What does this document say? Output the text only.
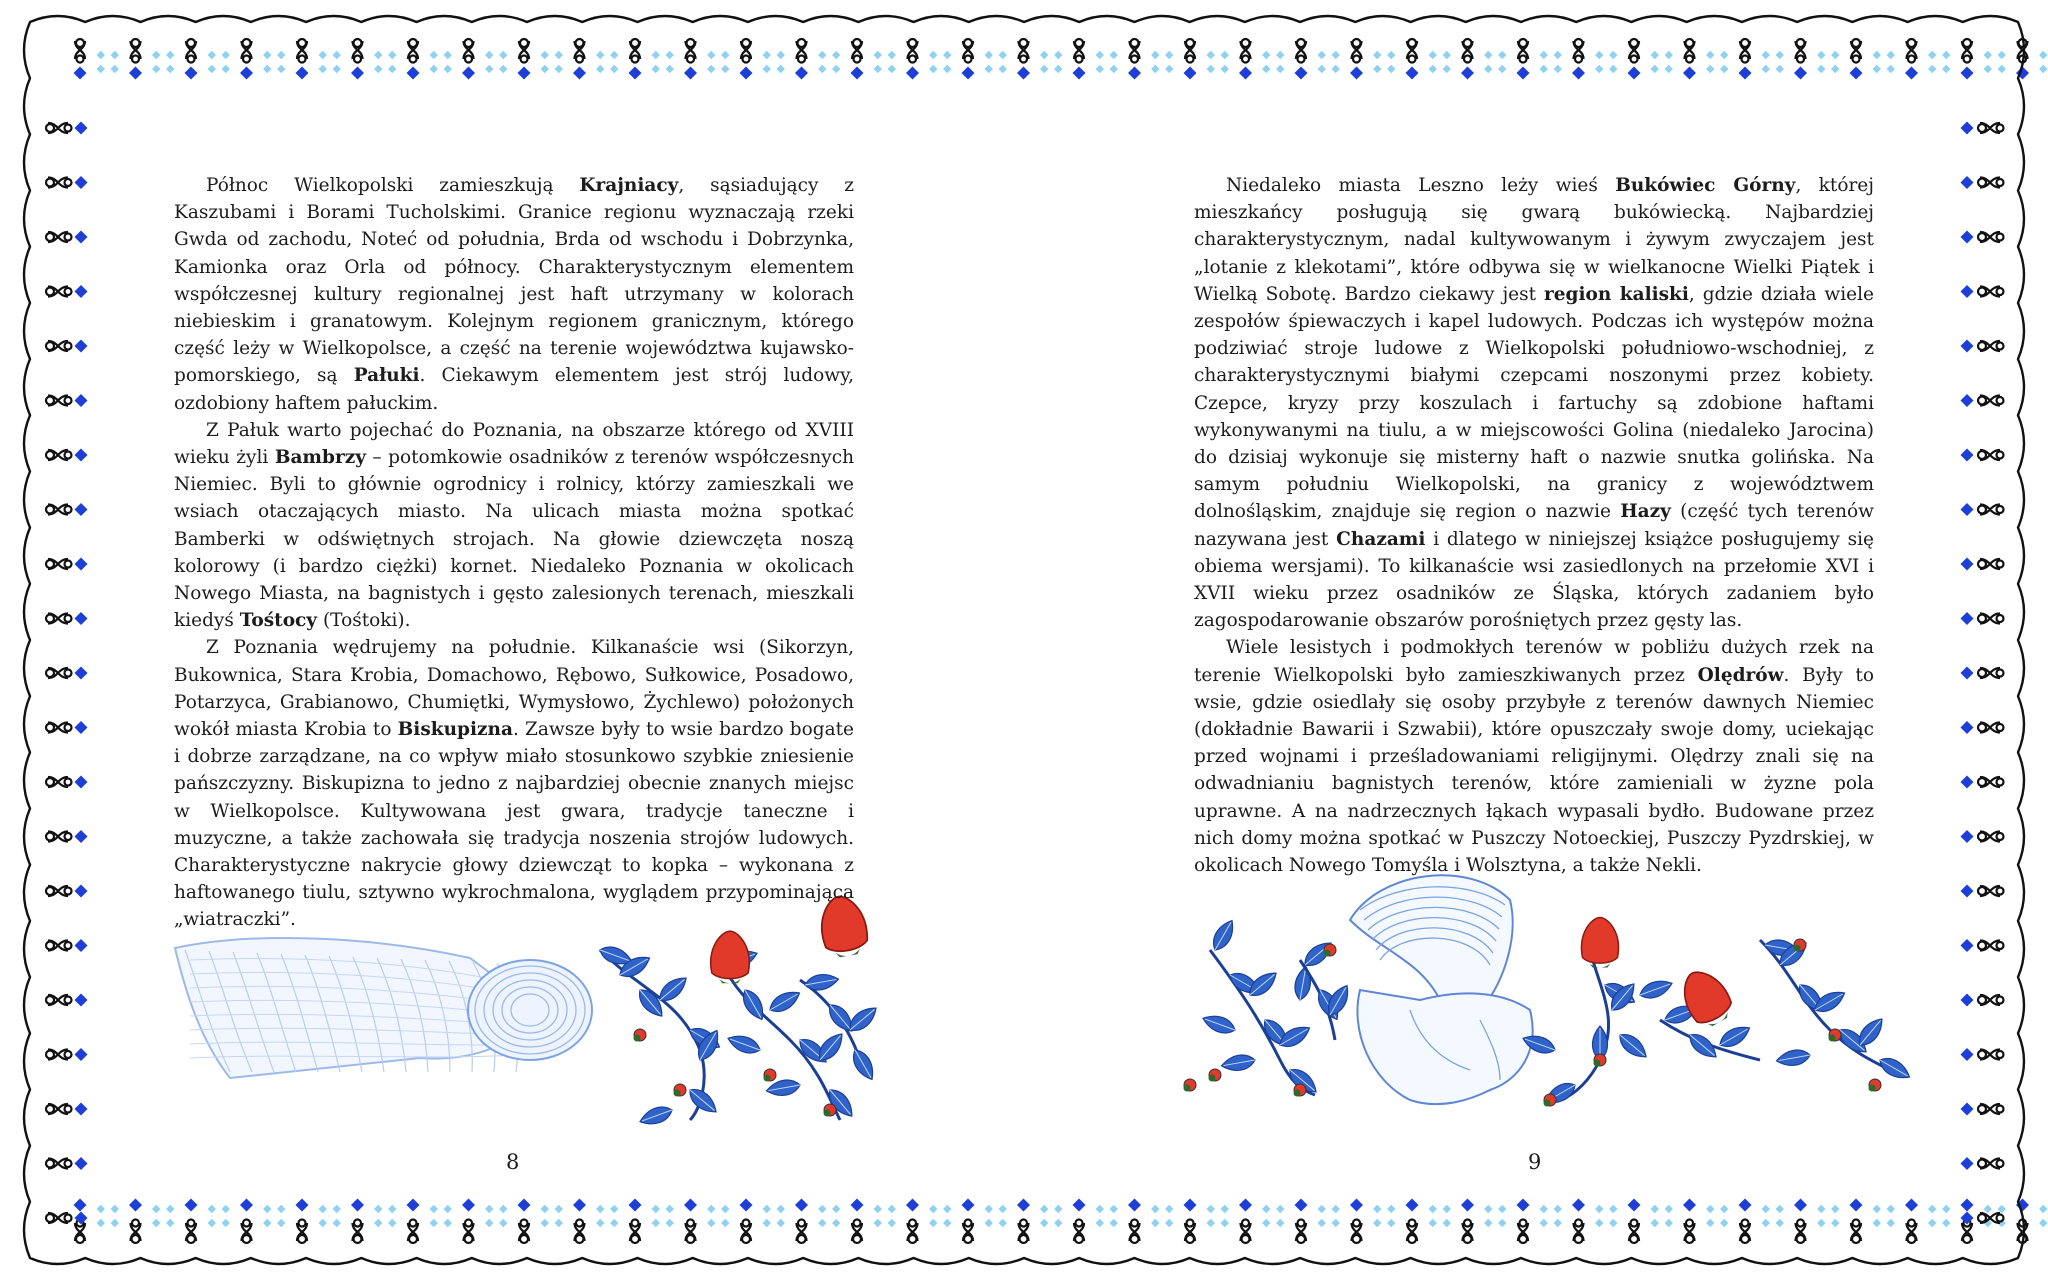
Północ Wielkopolski zamieszkują Krajniacy, sąsiadujący z Kaszubami i Borami Tucholskimi. Granice regionu wyznaczają rzeki Gwda od zachodu, Noteć od południa, Brda od wschodu i Dobrzynka, Kamionka oraz Orla od północy. Charakterystycznym elementem współczesnej kultury regionalnej jest haft utrzymany w kolorach niebieskim i granatowym. Kolejnym regionem granicznym, którego część leży w Wielkopolsce, a część na terenie województwa kujawsko-pomorskiego, są Pałuki. Ciekawym elementem jest strój ludowy, ozdobiony haftem pałuckim.

Z Pałuk warto pojechać do Poznania, na obszarze którego od XVIII wieku żyli Bambrzy – potomkowie osadników z terenów współczesnych Niemiec. Byli to głównie ogrodnicy i rolnicy, którzy zamieszkali we wsiach otaczających miasto. Na ulicach miasta można spotkać Bamberki w odświętnych strojach. Na głowie dziewczęta noszą kolorowy (i bardzo ciężki) kornet. Niedaleko Poznania w okolicach Nowego Miasta, na bagnistych i gęsto zalesionych terenach, mieszkali kiedyś Tośtocy (Tośtoki).

Z Poznania wędrujemy na południe. Kilkanaście wsi (Sikorzyn, Bukownica, Stara Krobia, Domachowo, Rębowo, Sułkowice, Posadowo, Potarzyca, Grabianowo, Chumiętki, Wymysłowo, Żychlewo) położonych wokół miasta Krobia to Biskupizna. Zawsze były to wsie bardzo bogate i dobrze zarządzane, na co wpływ miało stosunkowo szybkie zniesienie pańszczyzny. Biskupizna to jedno z najbardziej obecnie znanych miejsc w Wielkopolsce. Kultywowana jest gwara, tradycje taneczne i muzyczne, a także zachowała się tradycja noszenia strojów ludowych. Charakterystyczne nakrycie głowy dziewcząt to kopka – wykonana z haftowanego tiulu, sztywno wykrochmalona, wyglądem przypominająca „wiatraczki”.

Niedaleko miasta Leszno leży wieś Bukówiec Górny, której mieszkańcy posługują się gwarą bukówiecką. Najbardziej charakterystycznym, nadal kultywowanym i żywym zwyczajem jest „lotanie z klekotami”, które odbywa się w wielkanocne Wielki Piątek i Wielką Sobotę. Bardzo ciekawy jest region kaliski, gdzie działa wiele zespołów śpiewaczych i kapel ludowych. Podczas ich występów można podziwiać stroje ludowe z Wielkopolski południowo-wschodniej, z charakterystycznymi białymi czepcami noszonymi przez kobiety. Czepce, kryzy przy koszulach i fartuchy są zdobione haftami wykonywanymi na tiulu, a w miejscowości Golina (niedaleko Jarocina) do dzisiaj wykonuje się misterny haft o nazwie snutka golińska. Na samym południu Wielkopolski, na granicy z województwem dolnośląskim, znajduje się region o nazwie Hazy (część tych terenów nazywana jest Chazami i dlatego w niniejszej książce posługujemy się obiema wersjami). To kilkanaście wsi zasiedlonych na przełomie XVI i XVII wieku przez osadników ze Śląska, których zadaniem było zagospodarowanie obszarów porośniętych przez gęsty las.

Wiele lesistych i podmokłych terenów w pobliżu dużych rzek na terenie Wielkopolski było zamieszkiwanych przez Olędrów. Były to wsie, gdzie osiedlały się osoby przybyłe z terenów dawnych Niemiec (dokładnie Bawarii i Szwabii), które opuszczały swoje domy, uciekając przed wojnami i prześladowaniami religijnymi. Olędrzy znali się na odwadnianiu bagnistych terenów, które zamieniali w żyzne pola uprawne. A na nadrzecznych łąkach wypasali bydło. Budowane przez nich domy można spotkać w Puszczy Notoeckiej, Puszczy Pyzdrskiej, w okolicach Nowego Tomyśla i Wolsztyna, a także Nekli.

8	9
